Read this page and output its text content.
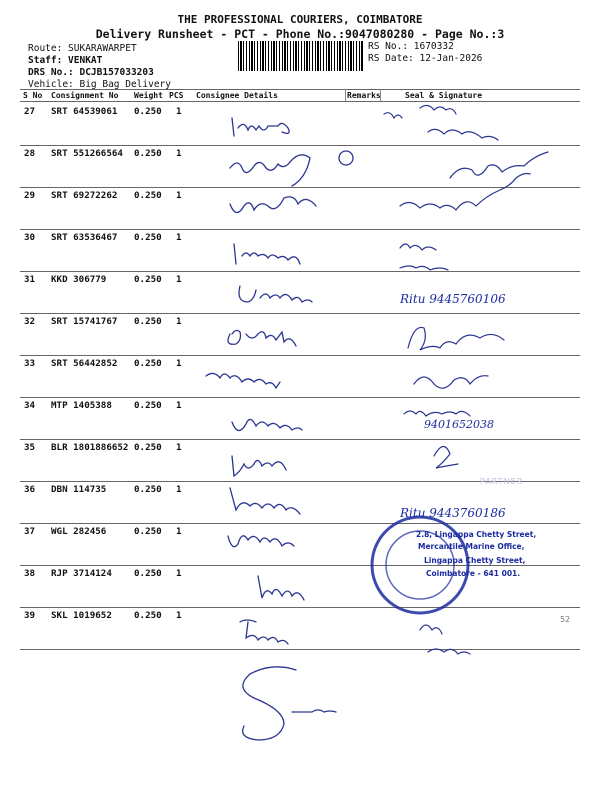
THE PROFESSIONAL COURIERS, COIMBATORE
Delivery Runsheet - PCT - Phone No.:9047080280 - Page No.:3
Route: SUKARAWARPET
Staff: VENKAT
DRS No.: DCJB157033203
Vehicle: Big Bag Delivery
RS No.: 1670332
RS Date: 12-Jan-2026
S No Consignment No Weight PCS Consignee Details	Remarks	Seal & Signature
27 SRT 64539061 0.250 1
28 SRT 551266564 0.250 1
29 SRT 69272262 0.250 1
30 SRT 63536467 0.250 1
31 KKD 306779	0.250 1
32 SRT 15741767 0.250 1
33 SRT 56442852 0.250 1
34 MTP 1405388 0.250 1
35 BLR 1801886652 0.250 1
36 DBN 114735	0.250 1
37 WGL 282456	0.250 1
38 RJP 3714124 0.250 1
39 SKL 1019652 0.250 1
Ritu 9445760106
9401652038
Ritu 9443760186
PARTNER
2.8, Lingappa Chetty Street,
Mercantile Marine Office,
Lingappa Chetty Street,
Coimbatore - 641 001.
52
